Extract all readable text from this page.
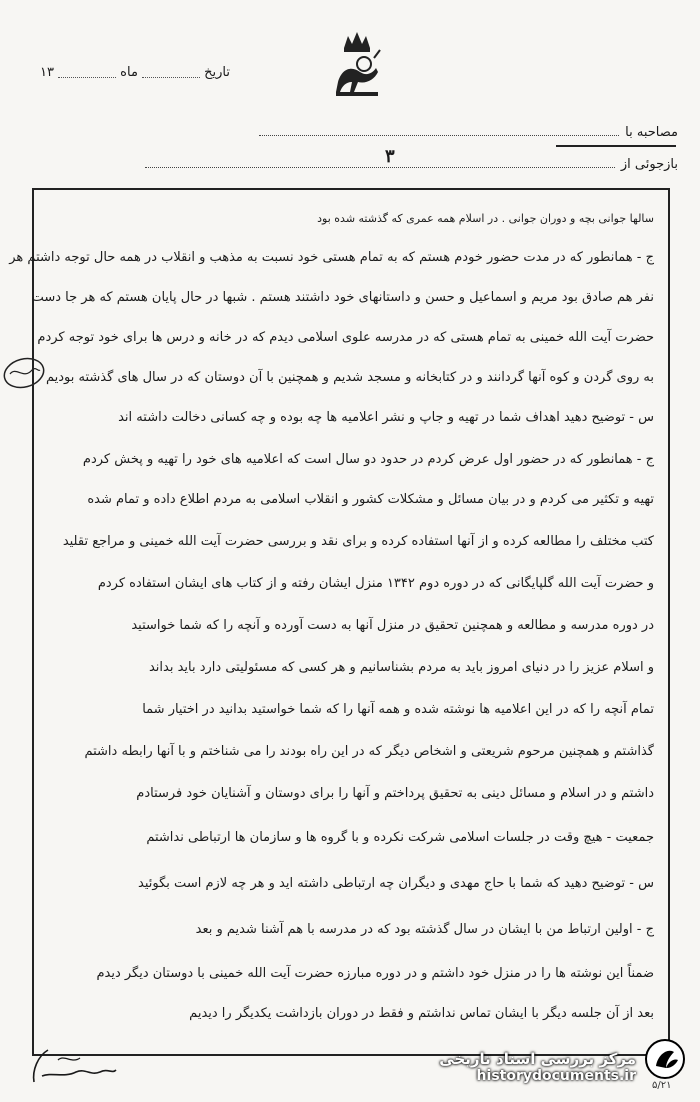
تاریخ
ماه
۱۳
مصاحبه با
بازجوئی از
۳
سالها جوانی بچه و دوران جوانی . در اسلام همه عمری که گذشته شده بود
ج - همانطور که در مدت حضور خودم هستم که به تمام هستی خود نسبت به مذهب و انقلاب در همه حال توجه داشتم هر
نفر هم صادق بود مریم و اسماعیل و حسن و داستانهای خود داشتند هستم . شبها در حال پایان هستم که هر جا دست
حضرت آیت الله خمینی به تمام هستی که در مدرسه علوی اسلامی دیدم که در خانه و درس ها برای خود توجه کردم
به روی گردن و کوه آنها گردانند و در کتابخانه و مسجد شدیم و همچنین با آن دوستان که در سال های گذشته بودیم
س - توضیح دهید اهداف شما در تهیه و جاپ و نشر اعلامیه ها چه بوده و چه کسانی دخالت داشته اند
ج - همانطور که در حضور اول عرض کردم در حدود دو سال است که اعلامیه های خود را تهیه و پخش کردم
تهیه و تکثیر می کردم و در بیان مسائل و مشکلات کشور و انقلاب اسلامی به مردم اطلاع داده و تمام شده
کتب مختلف را مطالعه کرده و از آنها استفاده کرده و برای نقد و بررسی حضرت آیت الله خمینی و مراجع تقلید
و حضرت آیت الله گلپایگانی که در دوره دوم ۱۳۴۲ منزل ایشان رفته و از کتاب های ایشان استفاده کردم
در دوره مدرسه و مطالعه و همچنین تحقیق در منزل آنها به دست آورده و آنچه را که شما خواستید
و اسلام عزیز را در دنیای امروز باید به مردم بشناسانیم و هر کسی که مسئولیتی دارد باید بداند
تمام آنچه را که در این اعلامیه ها نوشته شده و همه آنها را که شما خواستید بدانید در اختیار شما
گذاشتم و همچنین مرحوم شریعتی و اشخاص دیگر که در این راه بودند را می شناختم و با آنها رابطه داشتم
داشتم و در اسلام و مسائل دینی به تحقیق پرداختم و آنها را برای دوستان و آشنایان خود فرستادم
جمعیت - هیچ وقت در جلسات اسلامی شرکت نکرده و با گروه ها و سازمان ها ارتباطی نداشتم
س - توضیح دهید که شما با حاج مهدی و دیگران چه ارتباطی داشته اید و هر چه لازم است بگوئید
ج - اولین ارتباط من با ایشان در سال گذشته بود که در مدرسه با هم آشنا شدیم و بعد
ضمناً این نوشته ها را در منزل خود داشتم و در دوره مبارزه حضرت آیت الله خمینی با دوستان دیگر دیدم
بعد از آن جلسه دیگر با ایشان تماس نداشتم و فقط در دوران بازداشت یکدیگر را دیدیم
مرکز بررسی اسناد تاریخی
historydocuments.ir
۵/۲۱
